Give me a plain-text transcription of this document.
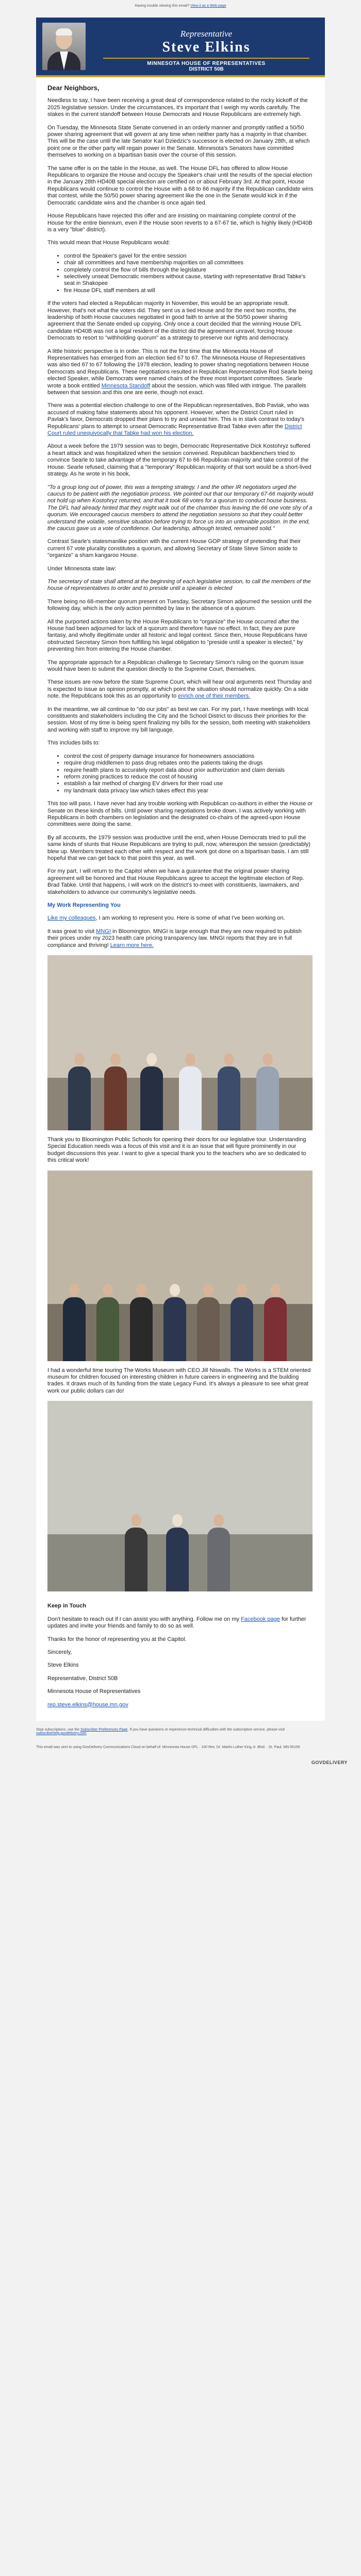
Having trouble viewing this email? View it as a Web page
Representative
Steve Elkins
MINNESOTA HOUSE OF REPRESENTATIVES
DISTRICT 50B

Dear Neighbors,

Needless to say, I have been receiving a great deal of correspondence related to the rocky kickoff of the 2025 legislative session. Under the circumstances, it's important that I weigh my words carefully. The stakes in the current standoff between House Democrats and House Republicans are extremely high.

On Tuesday, the Minnesota State Senate convened in an orderly manner and promptly ratified a 50/50 power sharing agreement that will govern at any time when neither party has a majority in that chamber. This will be the case until the late Senator Kari Dziedzic's successor is elected on January 28th, at which point one or the other party will regain power in the Senate. Minnesota's Senators have committed themselves to working on a bipartisan basis over the course of this session.

The same offer is on the table in the House, as well. The House DFL has offered to allow House Republicans to organize the House and occupy the Speaker's chair until the results of the special election in the January 28th HD40B special election are certified on or about February 3rd. At that point, House Republicans would continue to control the House with a 68 to 66 majority if the Republican candidate wins that contest, while the 50/50 power sharing agreement like the one in the Senate would kick in if the Democratic candidate wins and the chamber is once again tied.

House Republicans have rejected this offer and are insisting on maintaining complete control of the House for the entire biennium, even if the House soon reverts to a 67-67 tie, which is highly likely (HD40B is a very "blue" district).

This would mean that House Republicans would:

• control the Speaker's gavel for the entire session
• chair all committees and have membership majorities on all committees
• completely control the flow of bills through the legislature
• selectively unseat Democratic members without cause, starting with representative Brad Tabke's seat in Shakopee
• fire House DFL staff members at will

If the voters had elected a Republican majority in November, this would be an appropriate result. However, that's not what the voters did. They sent us a tied House and for the next two months, the leadership of both House caucuses negotiated in good faith to arrive at the 50/50 power sharing agreement that the Senate ended up copying. Only once a court decided that the winning House DFL candidate HD40B was not a legal resident of the district did the agreement unravel, forcing House Democrats to resort to "withholding quorum" as a strategy to preserve our rights and democracy.

A little historic perspective is in order. This is not the first time that the Minnesota House of Representatives has emerged from an election tied 67 to 67. The Minnesota House of Representatives was also tied 67 to 67 following the 1978 election, leading to power sharing negotiations between House Democrats and Republicans. These negotiations resulted in Republican Representative Rod Searle being elected Speaker, while Democrats were named chairs of the three most important committees. Searle wrote a book entitled Minnesota Standoff about the session, which was filled with intrigue. The parallels between that session and this one are eerie, though not exact.

There was a potential election challenge to one of the Republican representatives, Bob Pavlak, who was accused of making false statements about his opponent. However, when the District Court ruled in Pavlak's favor, Democrats dropped their plans to try and unseat him. This is in stark contrast to today's Republicans' plans to attempt to unseat Democratic Representative Brad Tabke even after the District Court ruled unequivocally that Tabke had won his election.

About a week before the 1979 session was to begin, Democratic Representative Dick Kostohryz suffered a heart attack and was hospitalized when the session convened. Republican backbenchers tried to convince Searle to take advantage of the temporary 67 to 66 Republican majority and take control of the House. Searle refused, claiming that a "temporary" Republican majority of that sort would be a short-lived strategy. As he wrote in his book,

"To a group long out of power, this was a tempting strategy. I and the other IR negotiators urged the caucus to be patient with the negotiation process. We pointed out that our temporary 67-66 majority would not hold up when Kostohryz returned, and that it took 68 votes for a quorum to conduct house business. The DFL had already hinted that they might walk out of the chamber thus leaving the 66 one vote shy of a quorum. We encouraged caucus members to attend the negotiation sessions so that they could better understand the volatile, sensitive situation before trying to force us into an untenable position. In the end, the caucus gave us a vote of confidence. Our leadership, although tested, remained solid."

Contrast Searle's statesmanlike position with the current House GOP strategy of pretending that their current 67 vote plurality constitutes a quorum, and allowing Secretary of State Steve Simon aside to "organize" a sham kangaroo House.

Under Minnesota state law:

The secretary of state shall attend at the beginning of each legislative session, to call the members of the house of representatives to order and to preside until a speaker is elected

There being no 68-member quorum present on Tuesday, Secretary Simon adjourned the session until the following day, which is the only action permitted by law in the absence of a quorum.

All the purported actions taken by the House Republicans to "organize" the House occurred after the House had been adjourned for lack of a quorum and therefore have no effect. In fact, they are pure fantasy, and wholly illegitimate under all historic and legal context. Since then, House Republicans have obstructed Secretary Simon from fulfilling his legal obligation to "preside until a speaker is elected," by preventing him from entering the House chamber.

The appropriate approach for a Republican challenge to Secretary Simon's ruling on the quorum issue would have been to submit the question directly to the Supreme Court, themselves.

These issues are now before the state Supreme Court, which will hear oral arguments next Thursday and is expected to issue an opinion promptly, at which point the situation should normalize quickly. On a side note, the Republicans took this as an opportunity to enrich one of their members.

In the meantime, we all continue to "do our jobs" as best we can. For my part, I have meetings with local constituents and stakeholders including the City and the School District to discuss their priorities for the session. Most of my time is being spent finalizing my bills for the session, both meeting with stakeholders and working with staff to improve my bill language.

This includes bills to:

• control the cost of property damage insurance for homeowners associations
• require drug middlemen to pass drug rebates onto the patients taking the drugs
• require health plans to accurately report data about prior authorization and claim denials
• reform zoning practices to reduce the cost of housing
• establish a fair method of charging EV drivers for their road use
• my landmark data privacy law which takes effect this year

This too will pass. I have never had any trouble working with Republican co-authors in either the House or Senate on these kinds of bills. Until power sharing negotiations broke down, I was actively working with Republicans in both chambers on legislation and the designated co-chairs of the agreed-upon House committees were doing the same.

By all accounts, the 1979 session was productive until the end, when House Democrats tried to pull the same kinds of stunts that House Republicans are trying to pull, now, whereupon the session (predictably) blew up. Members treated each other with respect and the work got done on a bipartisan basis. I am still hopeful that we can get back to that point this year, as well.

For my part, I will return to the Capitol when we have a guarantee that the original power sharing agreement will be honored and that House Republicans agree to accept the legitimate election of Rep. Brad Tabke. Until that happens, I will work on the district's to-meet with constituents, lawmakers, and stakeholders to advance our community's legislative needs.

My Work Representing You

Like my colleagues, I am working to represent you. Here is some of what I've been working on.

It was great to visit MNGI in Bloomington. MNGI is large enough that they are now required to publish their prices under my 2023 health care pricing transparency law. MNGI reports that they are in full compliance and thriving! Learn more here.

Thank you to Bloomington Public Schools for opening their doors for our legislative tour. Understanding Special Education needs was a focus of this visit and it is an issue that will figure prominently in our budget discussions this year. I want to give a special thank you to the teachers who are so dedicated to this critical work!

I had a wonderful time touring The Works Museum with CEO Jill Niswalls. The Works is a STEM oriented museum for children focused on interesting children in future careers in engineering and the building trades. It draws much of its funding from the state Legacy Fund. It's always a pleasure to see what great work our public dollars can do!

Keep in Touch

Don't hesitate to reach out if I can assist you with anything. Follow me on my Facebook page for further updates and invite your friends and family to do so as well.

Thanks for the honor of representing you at the Capitol.

Sincerely,

Steve Elkins

Representative, District 50B

Minnesota House of Representatives

rep.steve.elkins@house.mn.gov

Stop subscriptions, use the Subscriber Preferences Page. If you have questions or experience technical difficulties with the subscription service, please visit subscriberhelp.govdelivery.com
This email was sent to using GovDelivery Communications Cloud on behalf of: Minnesota House DFL · 100 Rev. Dr. Martin Luther King Jr. Blvd. · St. Paul, MN 55155
GOVDELIVERY
